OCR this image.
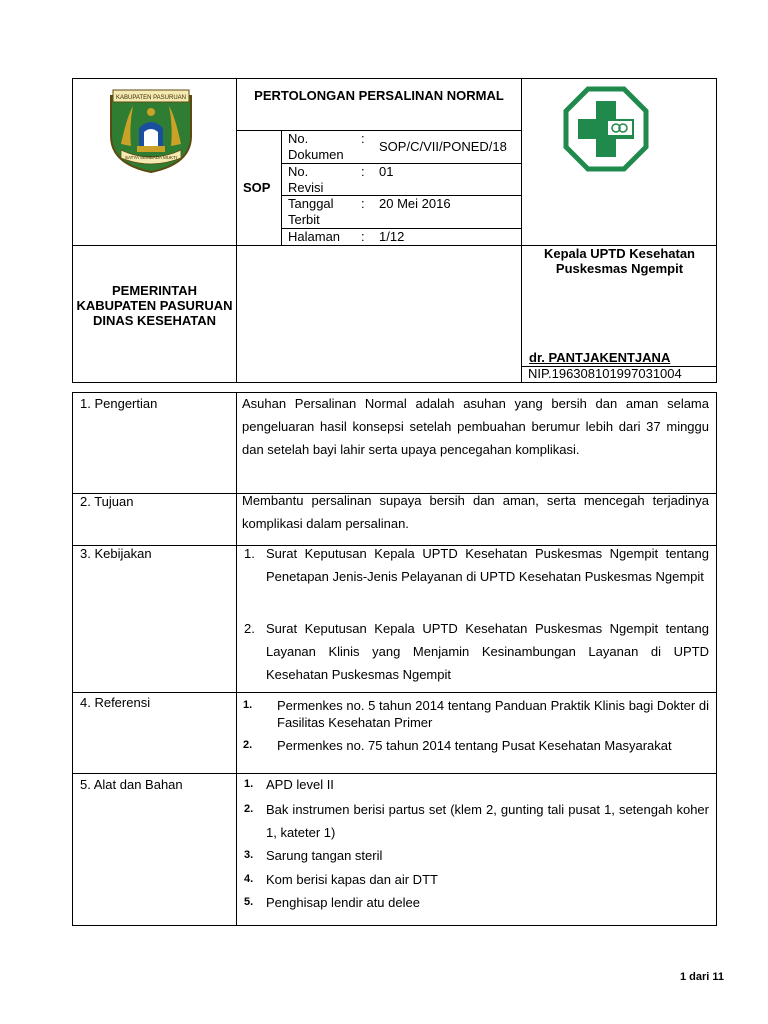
KABUPATEN PASURUAN
SATYA SEMBADA MUKTI
PERTOLONGAN PERSALINAN NORMAL
SOP
No. Dokumen
:
SOP/C/VII/PONED/18
No. Revisi
: 01
Tanggal Terbit
: 20 Mei 2016
Halaman : 1/12
PEMERINTAH KABUPATEN PASURUAN DINAS KESEHATAN
Kepala UPTD Kesehatan Puskesmas Ngempit
dr. PANTJAKENTJANA
NIP.196308101997031004
1. Pengertian	Asuhan Persalinan Normal adalah asuhan yang bersih dan aman selama pengeluaran hasil konsepsi setelah pembuahan berumur lebih dari 37 minggu dan setelah bayi lahir serta upaya pencegahan komplikasi.
2. Tujuan	Membantu persalinan supaya bersih dan aman, serta mencegah terjadinya komplikasi dalam persalinan.
3. Kebijakan	1. Surat Keputusan Kepala UPTD Kesehatan Puskesmas Ngempit tentang Penetapan Jenis-Jenis Pelayanan di UPTD Kesehatan Puskesmas Ngempit
2. Surat Keputusan Kepala UPTD Kesehatan Puskesmas Ngempit tentang Layanan Klinis yang Menjamin Kesinambungan Layanan di UPTD Kesehatan Puskesmas Ngempit
4. Referensi	1. Permenkes no. 5 tahun 2014 tentang Panduan Praktik Klinis bagi Dokter di Fasilitas Kesehatan Primer
2. Permenkes no. 75 tahun 2014 tentang Pusat Kesehatan Masyarakat
5. Alat dan Bahan	1. APD level II
2. Bak instrumen berisi partus set (klem 2, gunting tali pusat 1, setengah koher 1, kateter 1)
3. Sarung tangan steril
4. Kom berisi kapas dan air DTT
5. Penghisap lendir atu delee
1 dari 11
